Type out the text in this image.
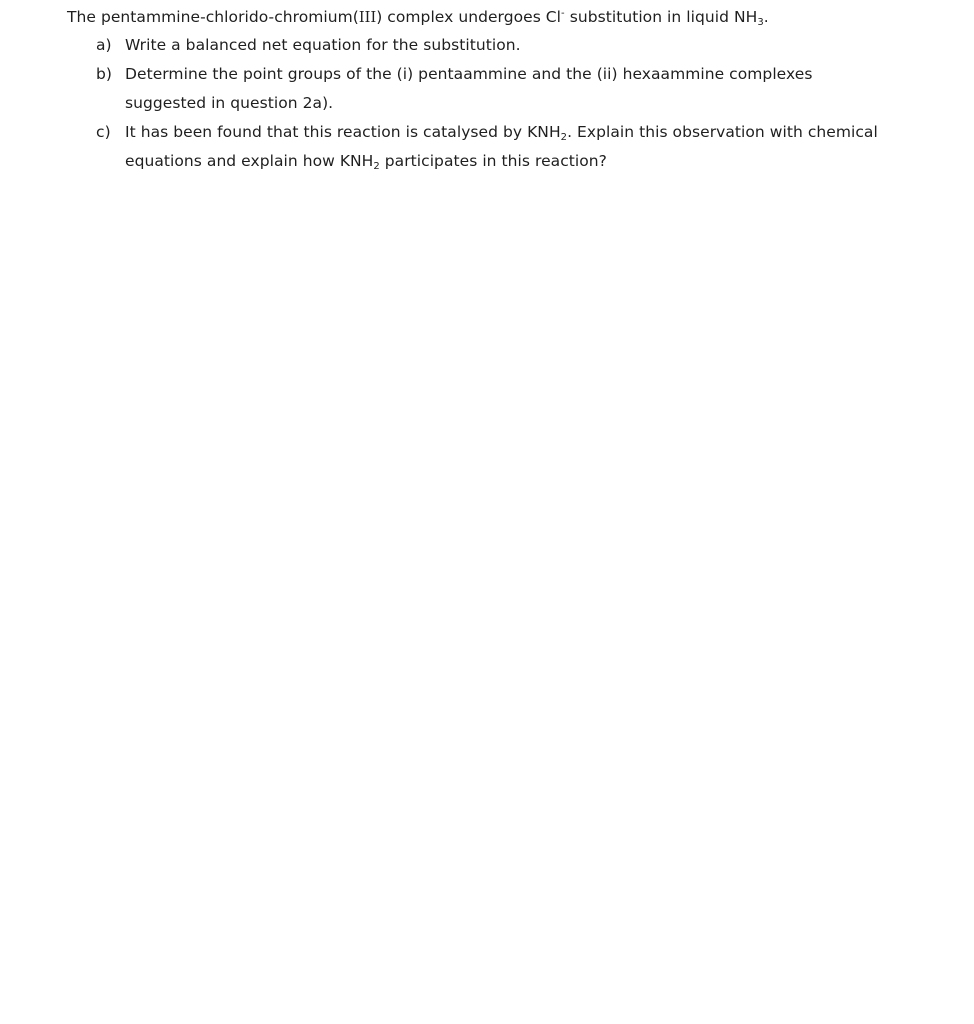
The pentammine-chlorido-chromium(III) complex undergoes Cl- substitution in liquid $NH_3$.
a) Write a balanced net equation for the substitution.
b) Determine the point groups of the (i) pentaammine and the (ii) hexaammine complexes
suggested in question 2a).
c) It has been found that this reaction is catalysed by $KNH_2$. Explain this observation with chemical
equations and explain how $KNH_2$ participates in this reaction?
